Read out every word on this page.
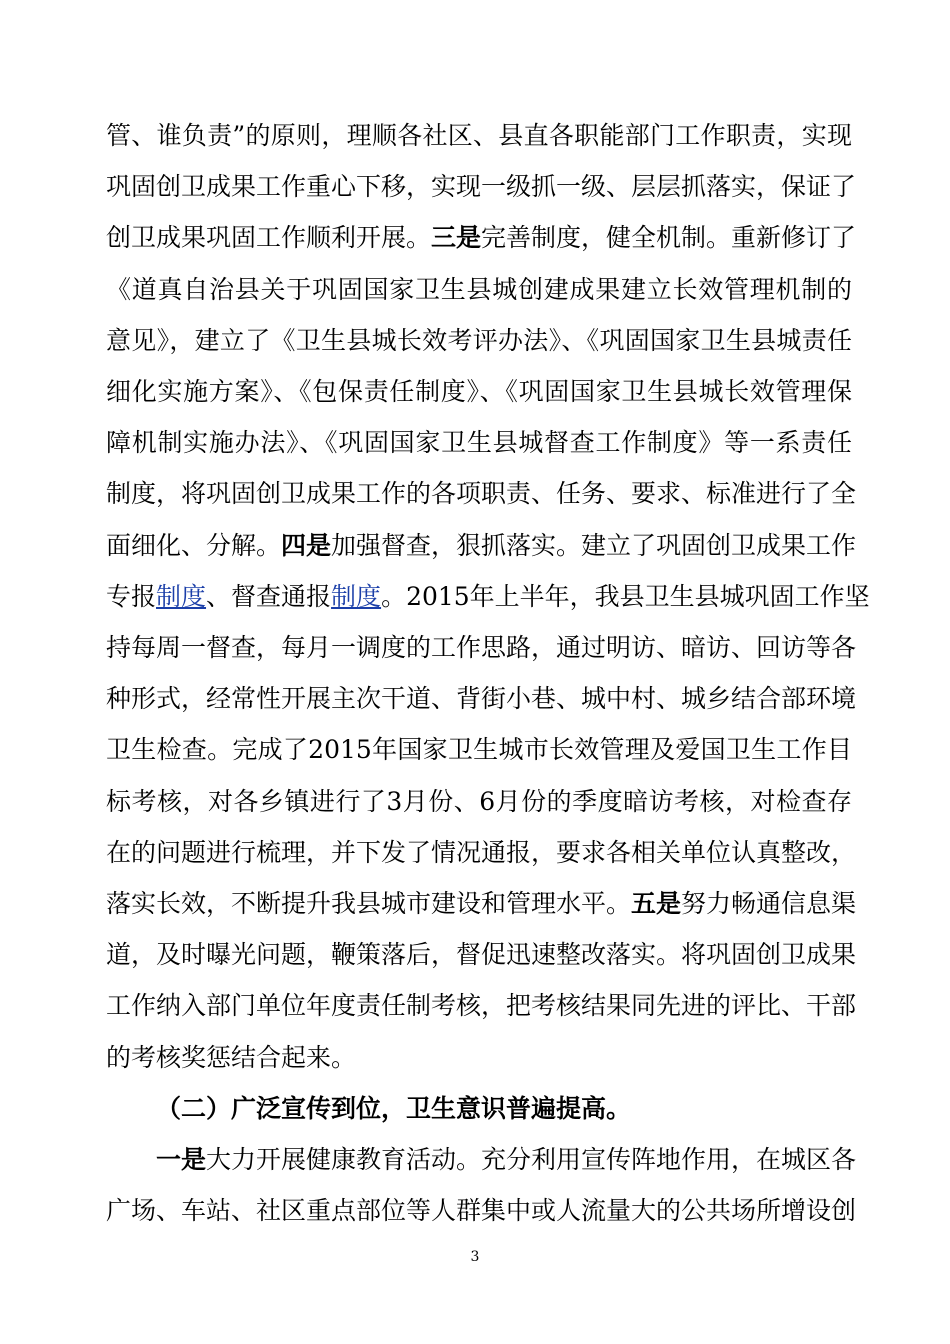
管、谁负责”的原则，理顺各社区、县直各职能部门工作职责，实现
巩固创卫成果工作重心下移，实现一级抓一级、层层抓落实，保证了
创卫成果巩固工作顺利开展。三是完善制度，健全机制。重新修订了
《道真自治县关于巩固国家卫生县城创建成果建立长效管理机制的
意见》，建立了《卫生县城长效考评办法》、《巩固国家卫生县城责任
细化实施方案》、《包保责任制度》、《巩固国家卫生县城长效管理保
障机制实施办法》、《巩固国家卫生县城督查工作制度》等一系责任
制度，将巩固创卫成果工作的各项职责、任务、要求、标准进行了全
面细化、分解。四是加强督查，狠抓落实。建立了巩固创卫成果工作
专报制度、督查通报制度。2015年上半年，我县卫生县城巩固工作坚
持每周一督查，每月一调度的工作思路，通过明访、暗访、回访等各
种形式，经常性开展主次干道、背街小巷、城中村、城乡结合部环境
卫生检查。完成了2015年国家卫生城市长效管理及爱国卫生工作目
标考核，对各乡镇进行了3月份、6月份的季度暗访考核，对检查存
在的问题进行梳理，并下发了情况通报，要求各相关单位认真整改，
落实长效，不断提升我县城市建设和管理水平。五是努力畅通信息渠
道，及时曝光问题，鞭策落后，督促迅速整改落实。将巩固创卫成果
工作纳入部门单位年度责任制考核，把考核结果同先进的评比、干部
的考核奖惩结合起来。
（二）广泛宣传到位，卫生意识普遍提高。
一是大力开展健康教育活动。充分利用宣传阵地作用，在城区各
广场、车站、社区重点部位等人群集中或人流量大的公共场所增设创
3
